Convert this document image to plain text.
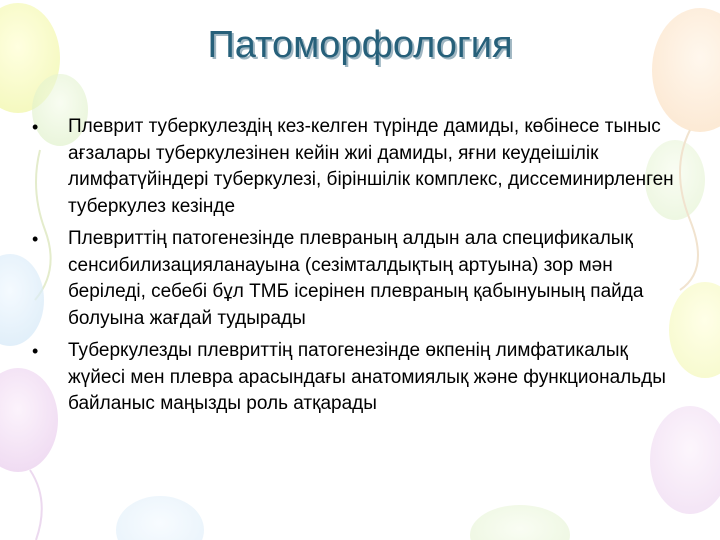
Патоморфология
• Плеврит туберкулездің кез-келген түрінде дамиды, көбінесе тыныс ағзалары туберкулезінен кейін жиі дамиды, яғни кеудеішілік лимфатүйіндері туберкулезі, біріншілік комплекс, диссеминирленген туберкулез кезінде
• Плевриттің патогенезінде плевраның алдын ала спецификалық сенсибилизацияланауына (сезімталдықтың артуына) зор мән беріледі, себебі бұл ТМБ ісерінен плевраның қабынуының пайда болуына жағдай тудырады
• Туберкулезды плевриттің патогенезінде өкпенің лимфатикалық жүйесі мен плевра арасындағы анатомиялық және функциональды байланыс маңызды роль атқарады
